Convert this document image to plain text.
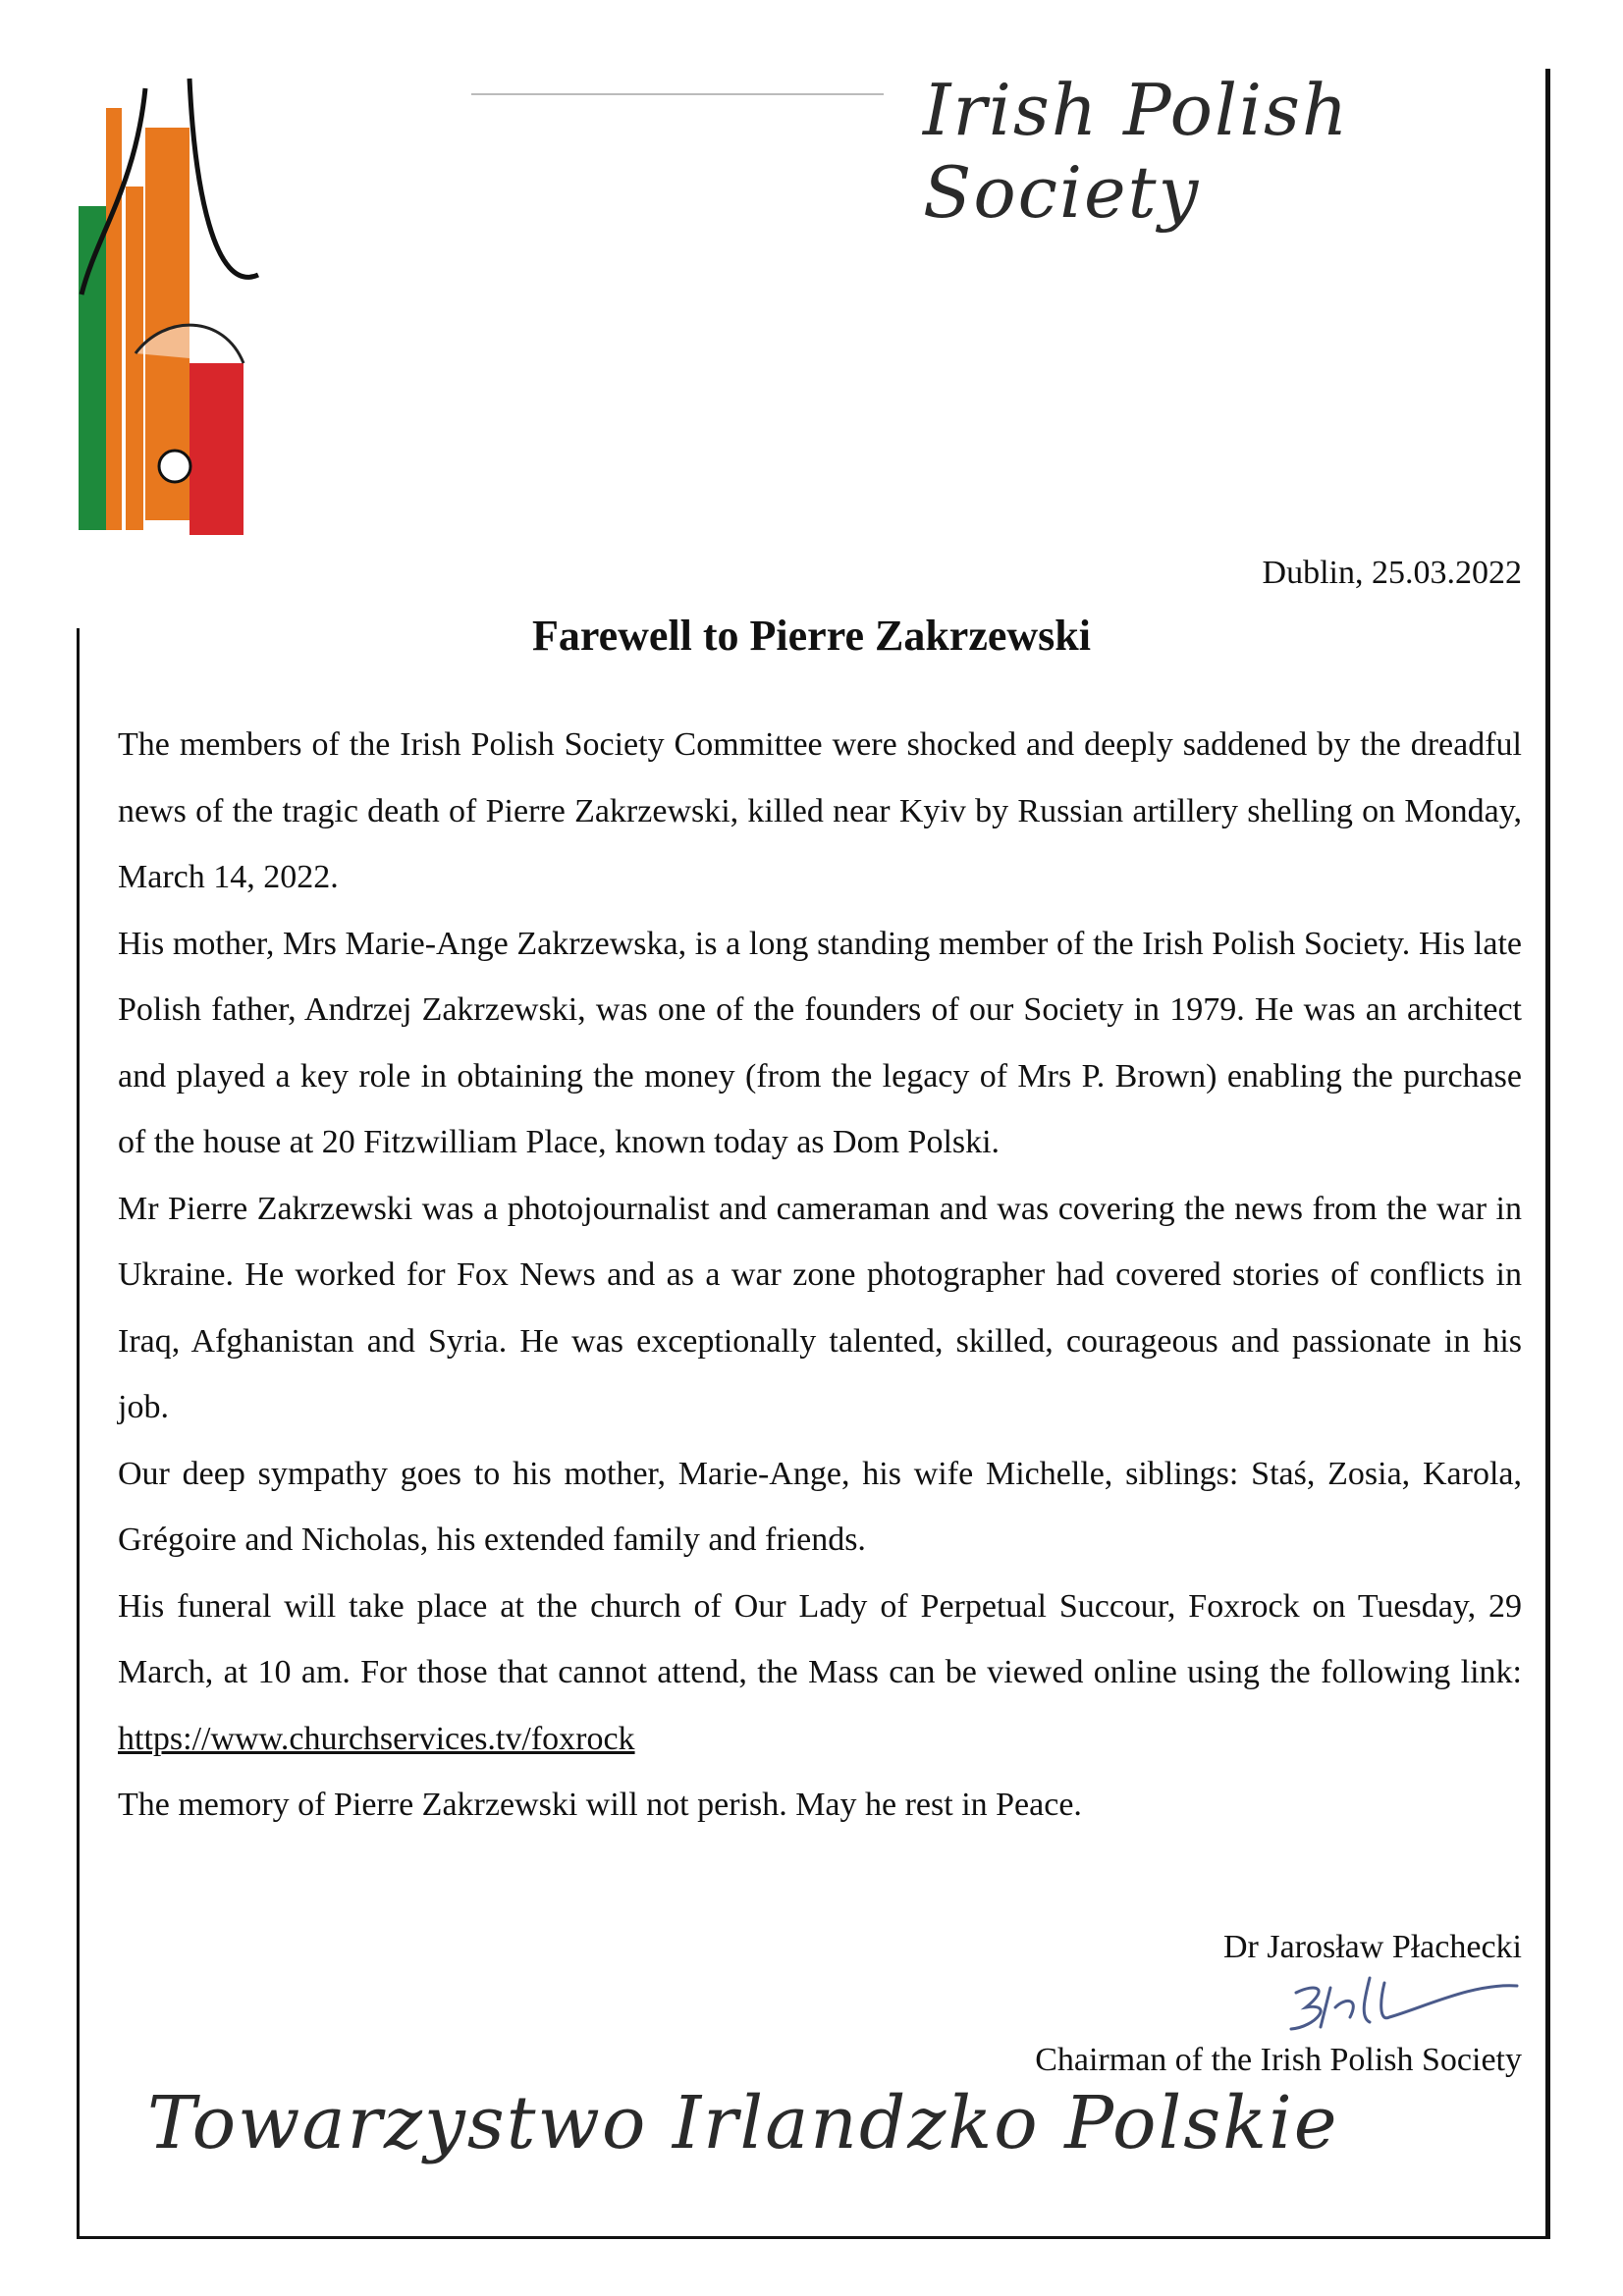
Irish Polish Society
Dublin, 25.03.2022
Farewell to Pierre Zakrzewski

The members of the Irish Polish Society Committee were shocked and deeply saddened by the dreadful news of the tragic death of Pierre Zakrzewski, killed near Kyiv by Russian artillery shelling on Monday, March 14, 2022.

His mother, Mrs Marie-Ange Zakrzewska, is a long standing member of the Irish Polish Society. His late Polish father, Andrzej Zakrzewski, was one of the founders of our Society in 1979. He was an architect and played a key role in obtaining the money (from the legacy of Mrs P. Brown) enabling the purchase of the house at 20 Fitzwilliam Place, known today as Dom Polski.

Mr Pierre Zakrzewski was a photojournalist and cameraman and was covering the news from the war in Ukraine. He worked for Fox News and as a war zone photographer had covered stories of conflicts in Iraq, Afghanistan and Syria. He was exceptionally talented, skilled, courageous and passionate in his job.

Our deep sympathy goes to his mother, Marie-Ange, his wife Michelle, siblings: Staś, Zosia, Karola, Grégoire and Nicholas, his extended family and friends.

His funeral will take place at the church of Our Lady of Perpetual Succour, Foxrock on Tuesday, 29 March, at 10 am. For those that cannot attend, the Mass can be viewed online using the following link: https://www.churchservices.tv/foxrock

The memory of Pierre Zakrzewski will not perish. May he rest in Peace.

Dr Jarosław Płachecki
Chairman of the Irish Polish Society
Towarzystwo Irlandzko Polskie
